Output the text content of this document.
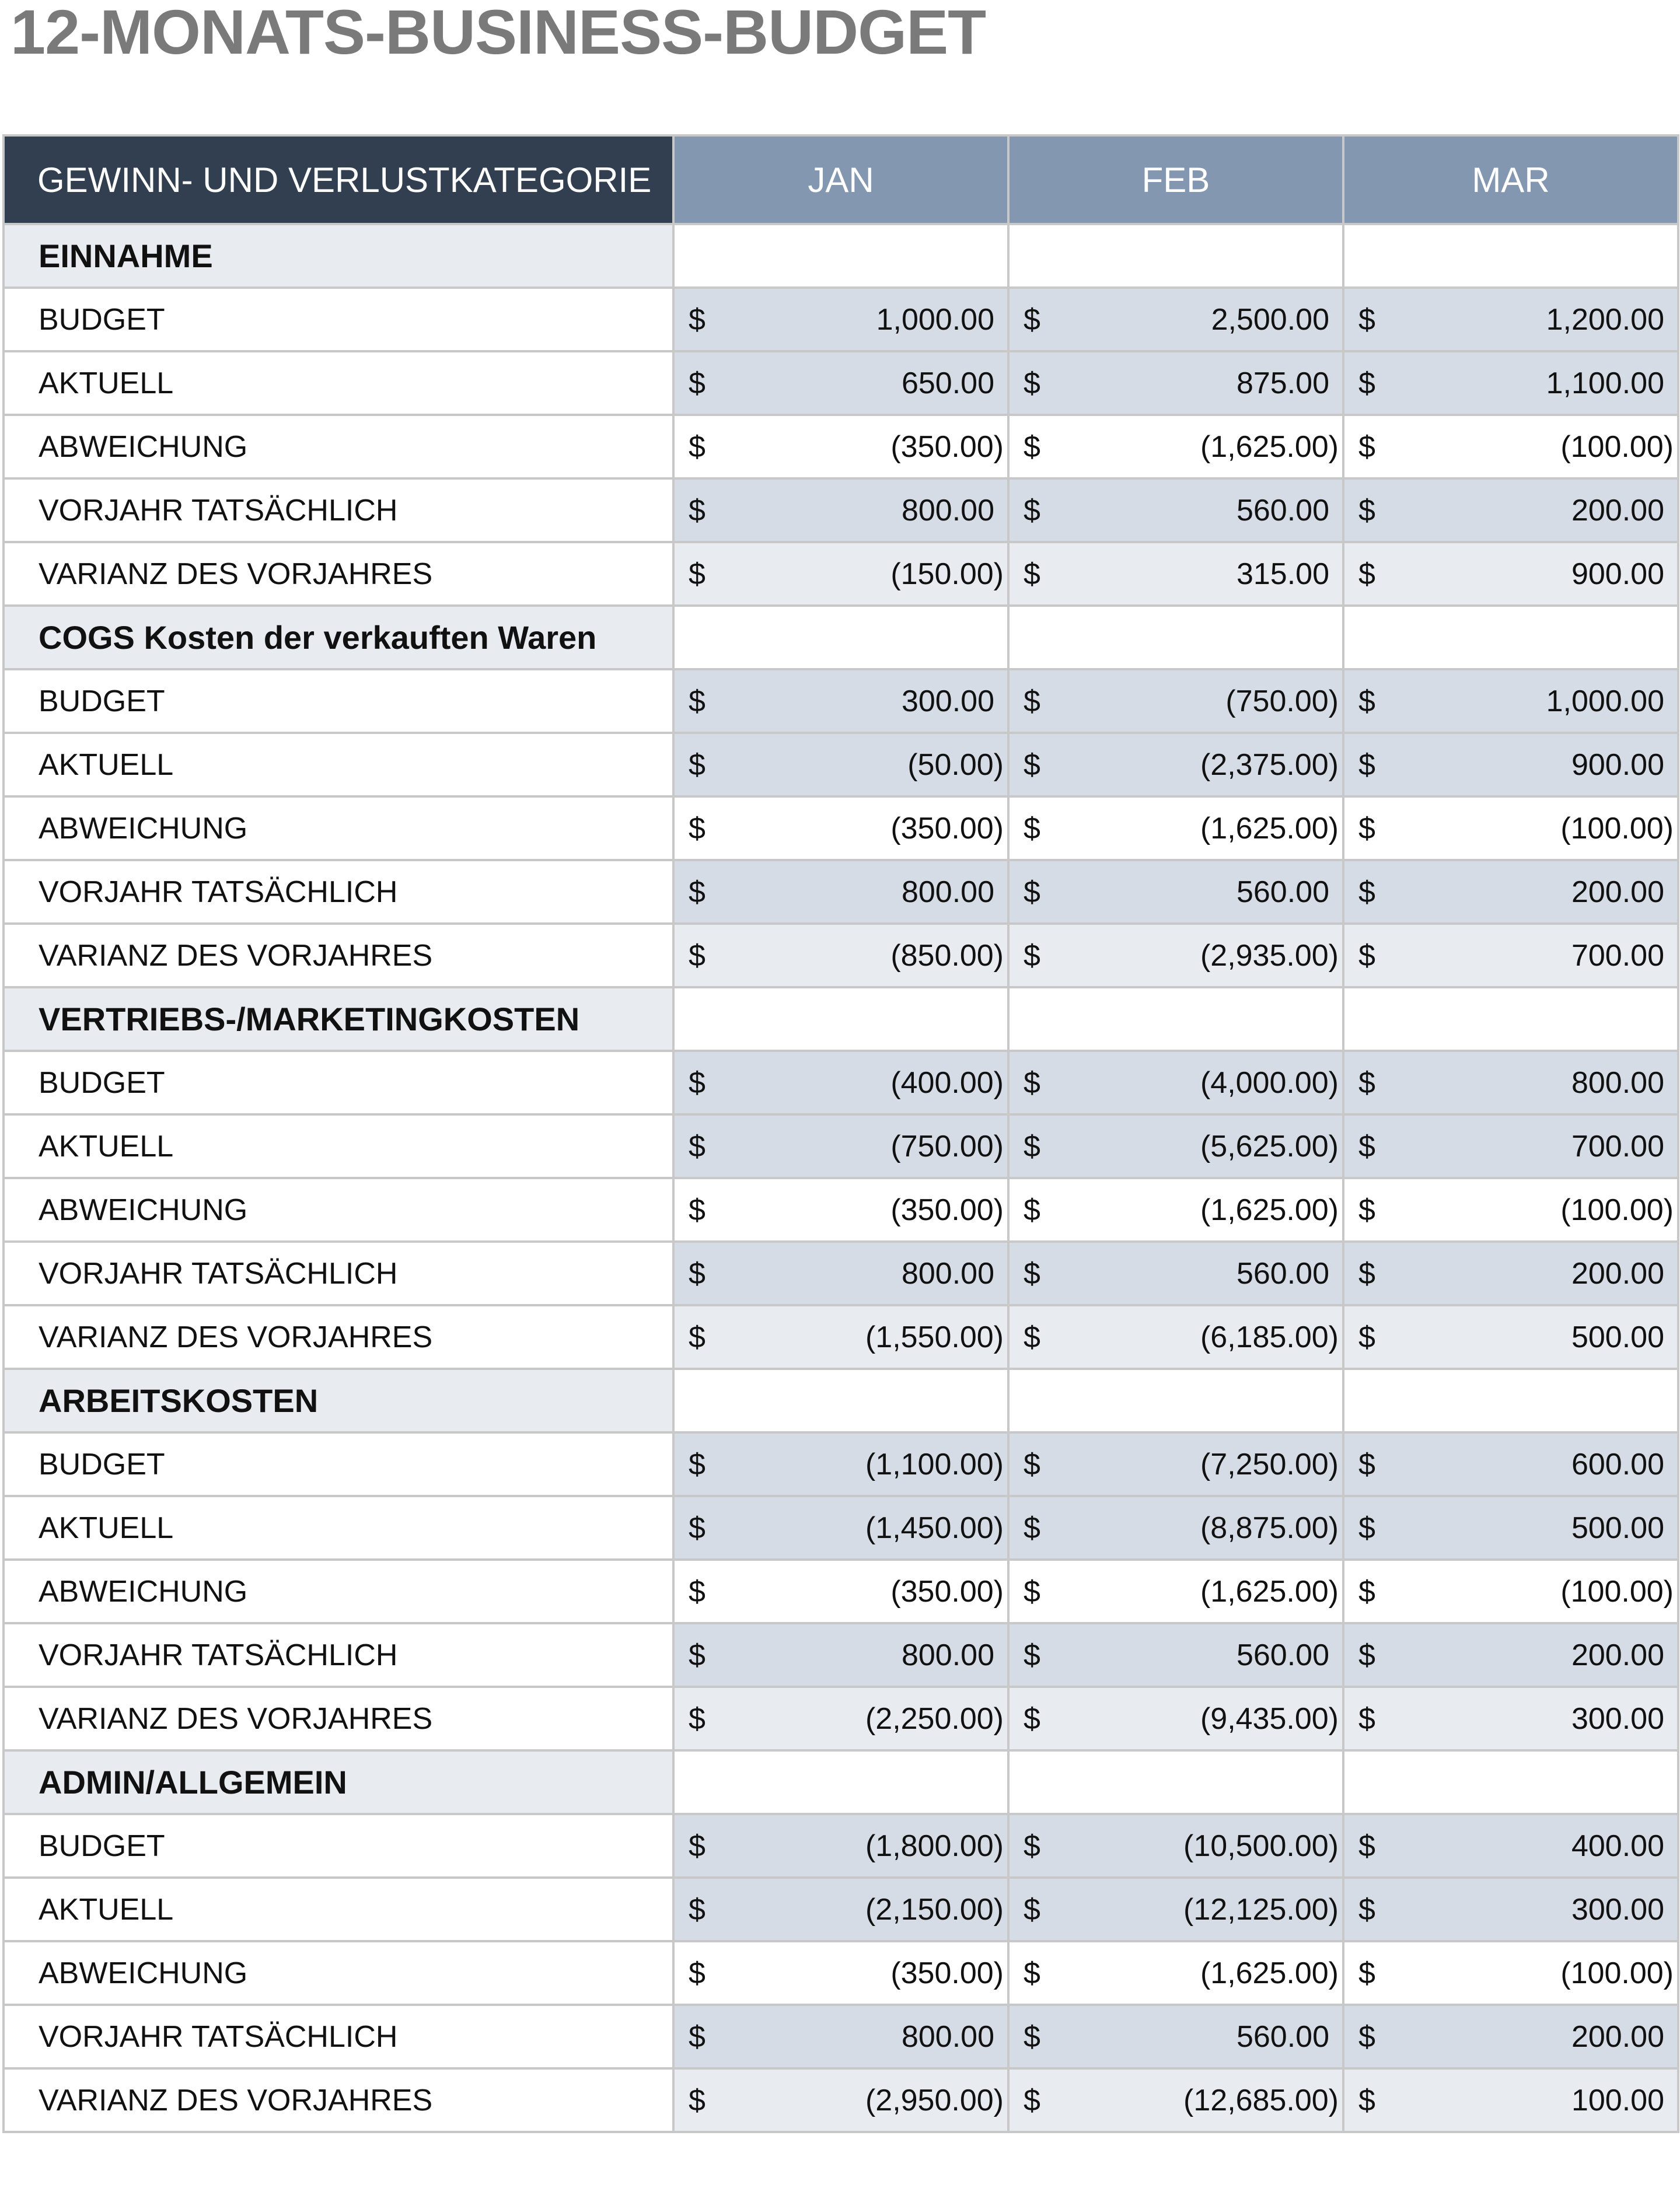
12-MONATS-BUSINESS-BUDGET
GEWINN- UND VERLUSTKATEGORIE	JAN	FEB	MAR
EINNAHME			
BUDGET	$ 1,000.00	$ 2,500.00	$ 1,200.00

AKTUELL	$ 650.00	$ 875.00	$ 1,100.00

ABWEICHUNG	$ (350.00)	$ (1,625.00)	$ (100.00)

VORJAHR TATSÄCHLICH	$ 800.00	$ 560.00	$ 200.00

VARIANZ DES VORJAHRES	$ (150.00)	$ 315.00	$ 900.00

COGS Kosten der verkauften Waren			
BUDGET	$ 300.00	$ (750.00)	$ 1,000.00

AKTUELL	$ (50.00)	$ (2,375.00)	$ 900.00

ABWEICHUNG	$ (350.00)	$ (1,625.00)	$ (100.00)

VORJAHR TATSÄCHLICH	$ 800.00	$ 560.00	$ 200.00

VARIANZ DES VORJAHRES	$ (850.00)	$ (2,935.00)	$ 700.00

VERTRIEBS-/MARKETINGKOSTEN			
BUDGET	$ (400.00)	$ (4,000.00)	$ 800.00

AKTUELL	$ (750.00)	$ (5,625.00)	$ 700.00

ABWEICHUNG	$ (350.00)	$ (1,625.00)	$ (100.00)

VORJAHR TATSÄCHLICH	$ 800.00	$ 560.00	$ 200.00

VARIANZ DES VORJAHRES	$ (1,550.00)	$ (6,185.00)	$ 500.00

ARBEITSKOSTEN			
BUDGET	$ (1,100.00)	$ (7,250.00)	$ 600.00

AKTUELL	$ (1,450.00)	$ (8,875.00)	$ 500.00

ABWEICHUNG	$ (350.00)	$ (1,625.00)	$ (100.00)

VORJAHR TATSÄCHLICH	$ 800.00	$ 560.00	$ 200.00

VARIANZ DES VORJAHRES	$ (2,250.00)	$ (9,435.00)	$ 300.00

ADMIN/ALLGEMEIN			
BUDGET	$ (1,800.00)	$ (10,500.00)	$ 400.00

AKTUELL	$ (2,150.00)	$ (12,125.00)	$ 300.00

ABWEICHUNG	$ (350.00)	$ (1,625.00)	$ (100.00)

VORJAHR TATSÄCHLICH	$ 800.00	$ 560.00	$ 200.00

VARIANZ DES VORJAHRES	$ (2,950.00)	$ (12,685.00)	$ 100.00
